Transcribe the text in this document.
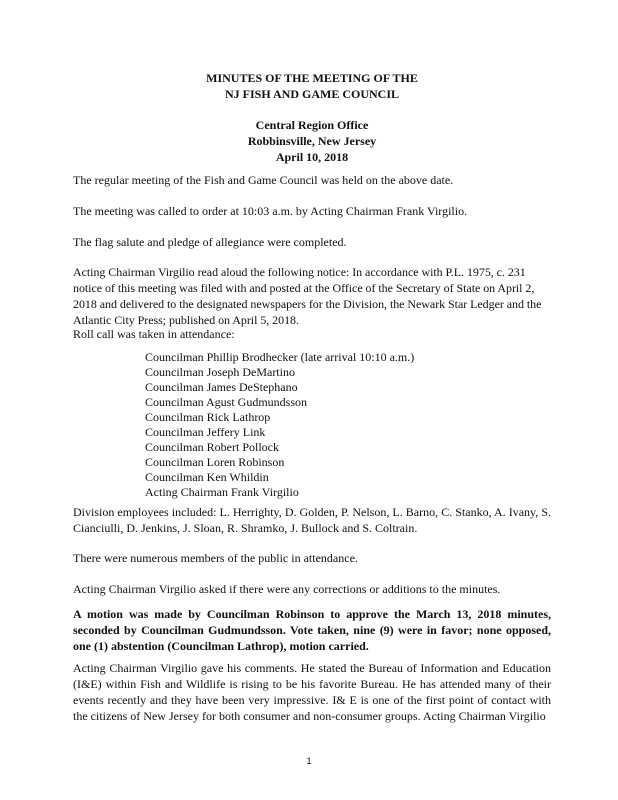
MINUTES OF THE MEETING OF THE
NJ FISH AND GAME COUNCIL
Central Region Office
Robbinsville, New Jersey
April 10, 2018

The regular meeting of the Fish and Game Council was held on the above date.

The meeting was called to order at 10:03 a.m. by Acting Chairman Frank Virgilio.

The flag salute and pledge of allegiance were completed.

Acting Chairman Virgilio read aloud the following notice: In accordance with P.L. 1975, c. 231 notice of this meeting was filed with and posted at the Office of the Secretary of State on April 2, 2018 and delivered to the designated newspapers for the Division, the Newark Star Ledger and the Atlantic City Press; published on April 5, 2018.

Roll call was taken in attendance:

Councilman Phillip Brodhecker (late arrival 10:10 a.m.)
Councilman Joseph DeMartino
Councilman James DeStephano
Councilman Agust Gudmundsson
Councilman Rick Lathrop
Councilman Jeffery Link
Councilman Robert Pollock
Councilman Loren Robinson
Councilman Ken Whildin
Acting Chairman Frank Virgilio

Division employees included: L. Herrighty, D. Golden, P. Nelson, L. Barno, C. Stanko, A. Ivany, S. Cianciulli, D. Jenkins, J. Sloan, R. Shramko, J. Bullock and S. Coltrain.

There were numerous members of the public in attendance.

Acting Chairman Virgilio asked if there were any corrections or additions to the minutes.

A motion was made by Councilman Robinson to approve the March 13, 2018 minutes, seconded by Councilman Gudmundsson. Vote taken, nine (9) were in favor; none opposed, one (1) abstention (Councilman Lathrop), motion carried.

Acting Chairman Virgilio gave his comments. He stated the Bureau of Information and Education (I&E) within Fish and Wildlife is rising to be his favorite Bureau. He has attended many of their events recently and they have been very impressive. I& E is one of the first point of contact with the citizens of New Jersey for both consumer and non-consumer groups. Acting Chairman Virgilio

1
